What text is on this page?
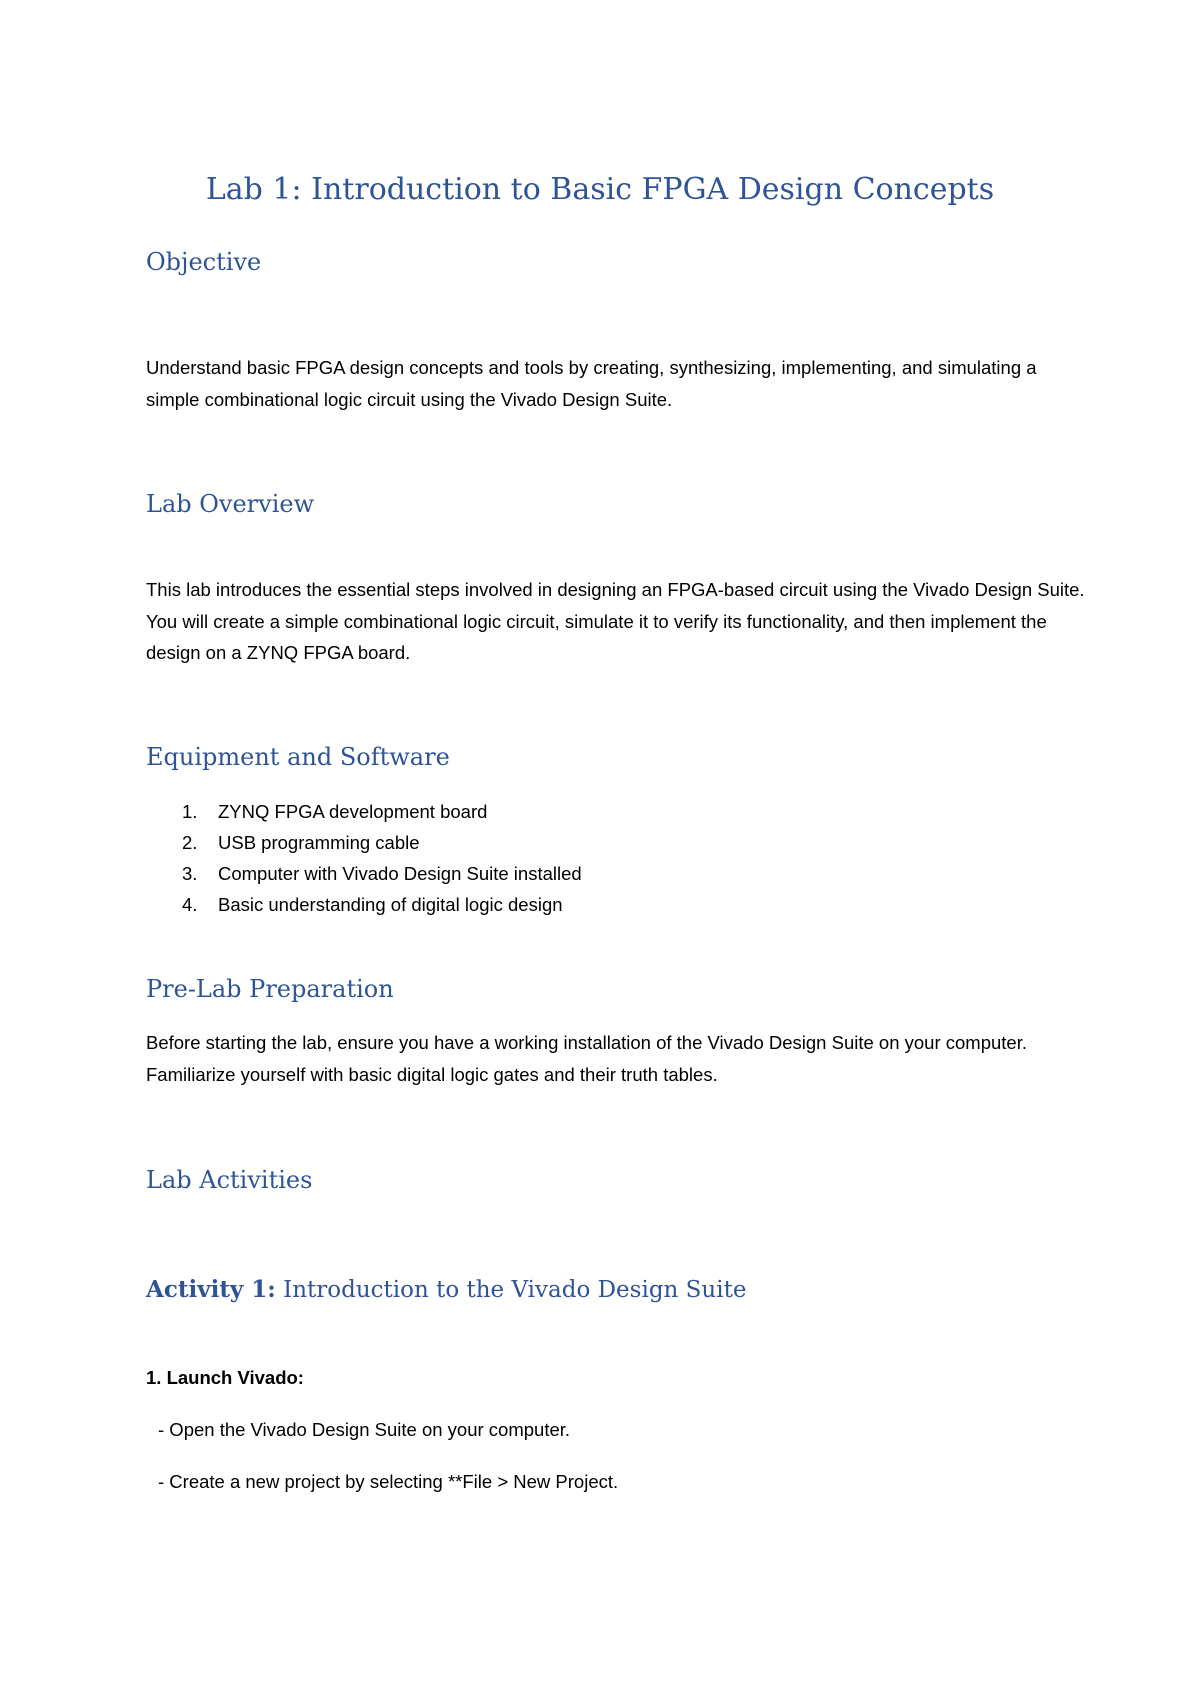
Lab 1: Introduction to Basic FPGA Design Concepts
Objective

Understand basic FPGA design concepts and tools by creating, synthesizing, implementing, and simulating a simple combinational logic circuit using the Vivado Design Suite.

Lab Overview

This lab introduces the essential steps involved in designing an FPGA-based circuit using the Vivado Design Suite. You will create a simple combinational logic circuit, simulate it to verify its functionality, and then implement the design on a ZYNQ FPGA board.

Equipment and Software
1.	ZYNQ FPGA development board
2.	USB programming cable
3.	Computer with Vivado Design Suite installed
4.	Basic understanding of digital logic design
Pre-Lab Preparation

Before starting the lab, ensure you have a working installation of the Vivado Design Suite on your computer. Familiarize yourself with basic digital logic gates and their truth tables.

Lab Activities
Activity 1: Introduction to the Vivado Design Suite

1. Launch Vivado:

- Open the Vivado Design Suite on your computer.

- Create a new project by selecting **File > New Project.
